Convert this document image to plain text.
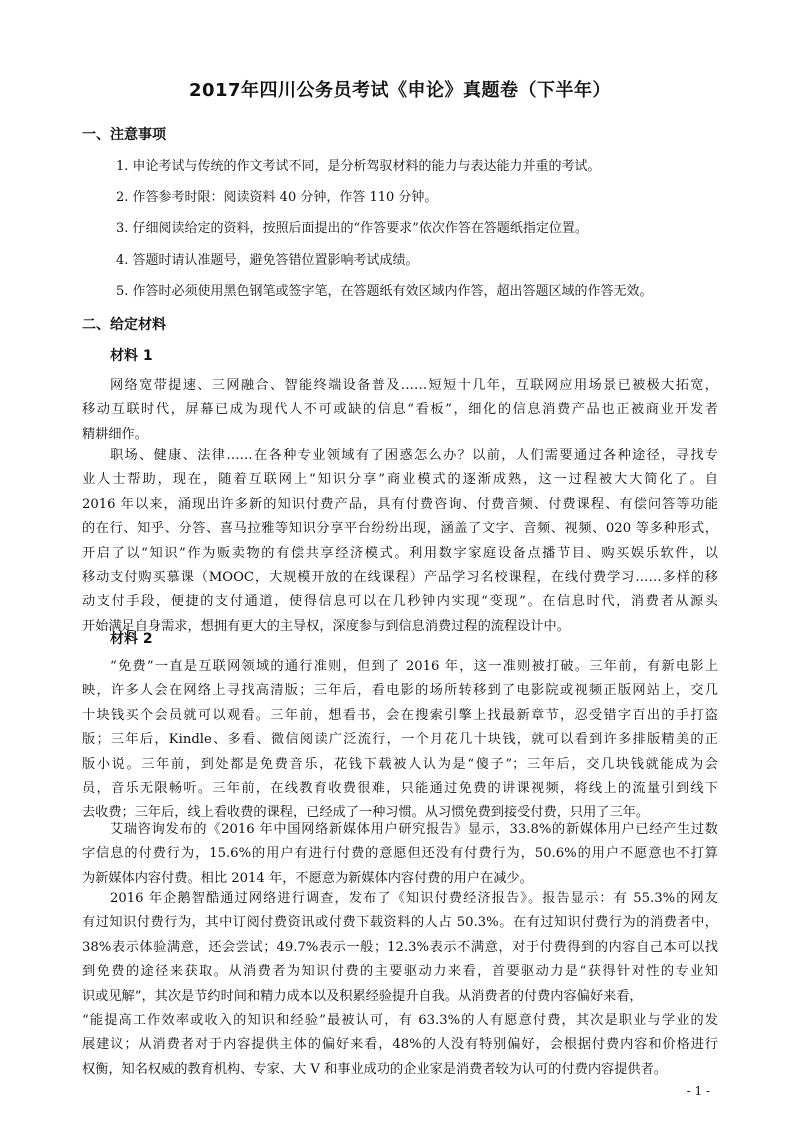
2017年四川公务员考试《申论》真题卷（下半年）
一、注意事项
1. 申论考试与传统的作文考试不同，是分析驾驭材料的能力与表达能力并重的考试。
2. 作答参考时限：阅读资料 40 分钟，作答 110 分钟。
3. 仔细阅读给定的资料，按照后面提出的“作答要求”依次作答在答题纸指定位置。
4. 答题时请认准题号，避免答错位置影响考试成绩。
5. 作答时必须使用黑色钢笔或签字笔，在答题纸有效区域内作答，超出答题区域的作答无效。
二、给定材料
材料 1
网络宽带提速、三网融合、智能终端设备普及……短短十几年，互联网应用场景已被极大拓宽，
移动互联时代，屏幕已成为现代人不可或缺的信息“看板”，细化的信息消费产品也正被商业开发者
精耕细作。
职场、健康、法律……在各种专业领域有了困惑怎么办？以前，人们需要通过各种途径，寻找专
业人士帮助，现在，随着互联网上“知识分享”商业模式的逐渐成熟，这一过程被大大简化了。自
2016 年以来，涌现出许多新的知识付费产品，具有付费咨询、付费音频、付费课程、有偿问答等功能
的在行、知乎、分答、喜马拉雅等知识分享平台纷纷出现，涵盖了文字、音频、视频、020 等多种形式，
开启了以“知识”作为贩卖物的有偿共享经济模式。利用数字家庭设备点播节目、购买娱乐软件，以
移动支付购买慕课（MOOC，大规模开放的在线课程）产品学习名校课程，在线付费学习……多样的移
动支付手段，便捷的支付通道，使得信息可以在几秒钟内实现“变现”。在信息时代，消费者从源头
开始满足自身需求，想拥有更大的主导权，深度参与到信息消费过程的流程设计中。
材料 2
“免费”一直是互联网领域的通行准则，但到了 2016 年，这一准则被打破。三年前，有新电影上
映，许多人会在网络上寻找高清版；三年后，看电影的场所转移到了电影院或视频正版网站上，交几
十块钱买个会员就可以观看。三年前，想看书，会在搜索引擎上找最新章节，忍受错字百出的手打盗
版；三年后，Kindle、多看、微信阅读广泛流行，一个月花几十块钱，就可以看到许多排版精美的正
版小说。三年前，到处都是免费音乐，花钱下载被人认为是“傻子”；三年后，交几块钱就能成为会
员，音乐无限畅听。三年前，在线教育收费很难，只能通过免费的讲课视频，将线上的流量引到线下
去收费；三年后，线上看收费的课程，已经成了一种习惯。从习惯免费到接受付费，只用了三年。
艾瑞咨询发布的《2016 年中国网络新媒体用户研究报告》显示，33.8%的新媒体用户已经产生过数
字信息的付费行为，15.6%的用户有进行付费的意愿但还没有付费行为，50.6%的用户不愿意也不打算
为新媒体内容付费。相比 2014 年，不愿意为新媒体内容付费的用户在减少。
2016 年企鹅智酷通过网络进行调查，发布了《知识付费经济报告》。报告显示：有 55.3%的网友
有过知识付费行为，其中订阅付费资讯或付费下载资料的人占 50.3%。在有过知识付费行为的消费者中，
38%表示体验满意，还会尝试；49.7%表示一般；12.3%表示不满意，对于付费得到的内容自己本可以找
到免费的途径来获取。从消费者为知识付费的主要驱动力来看，首要驱动力是“获得针对性的专业知
识或见解”，其次是节约时间和精力成本以及积累经验提升自我。从消费者的付费内容偏好来看，
“能提高工作效率或收入的知识和经验”最被认可，有 63.3%的人有愿意付费，其次是职业与学业的发
展建议；从消费者对于内容提供主体的偏好来看，48%的人没有特别偏好，会根据付费内容和价格进行
权衡，知名权威的教育机构、专家、大 V 和事业成功的企业家是消费者较为认可的付费内容提供者。
- 1 -
